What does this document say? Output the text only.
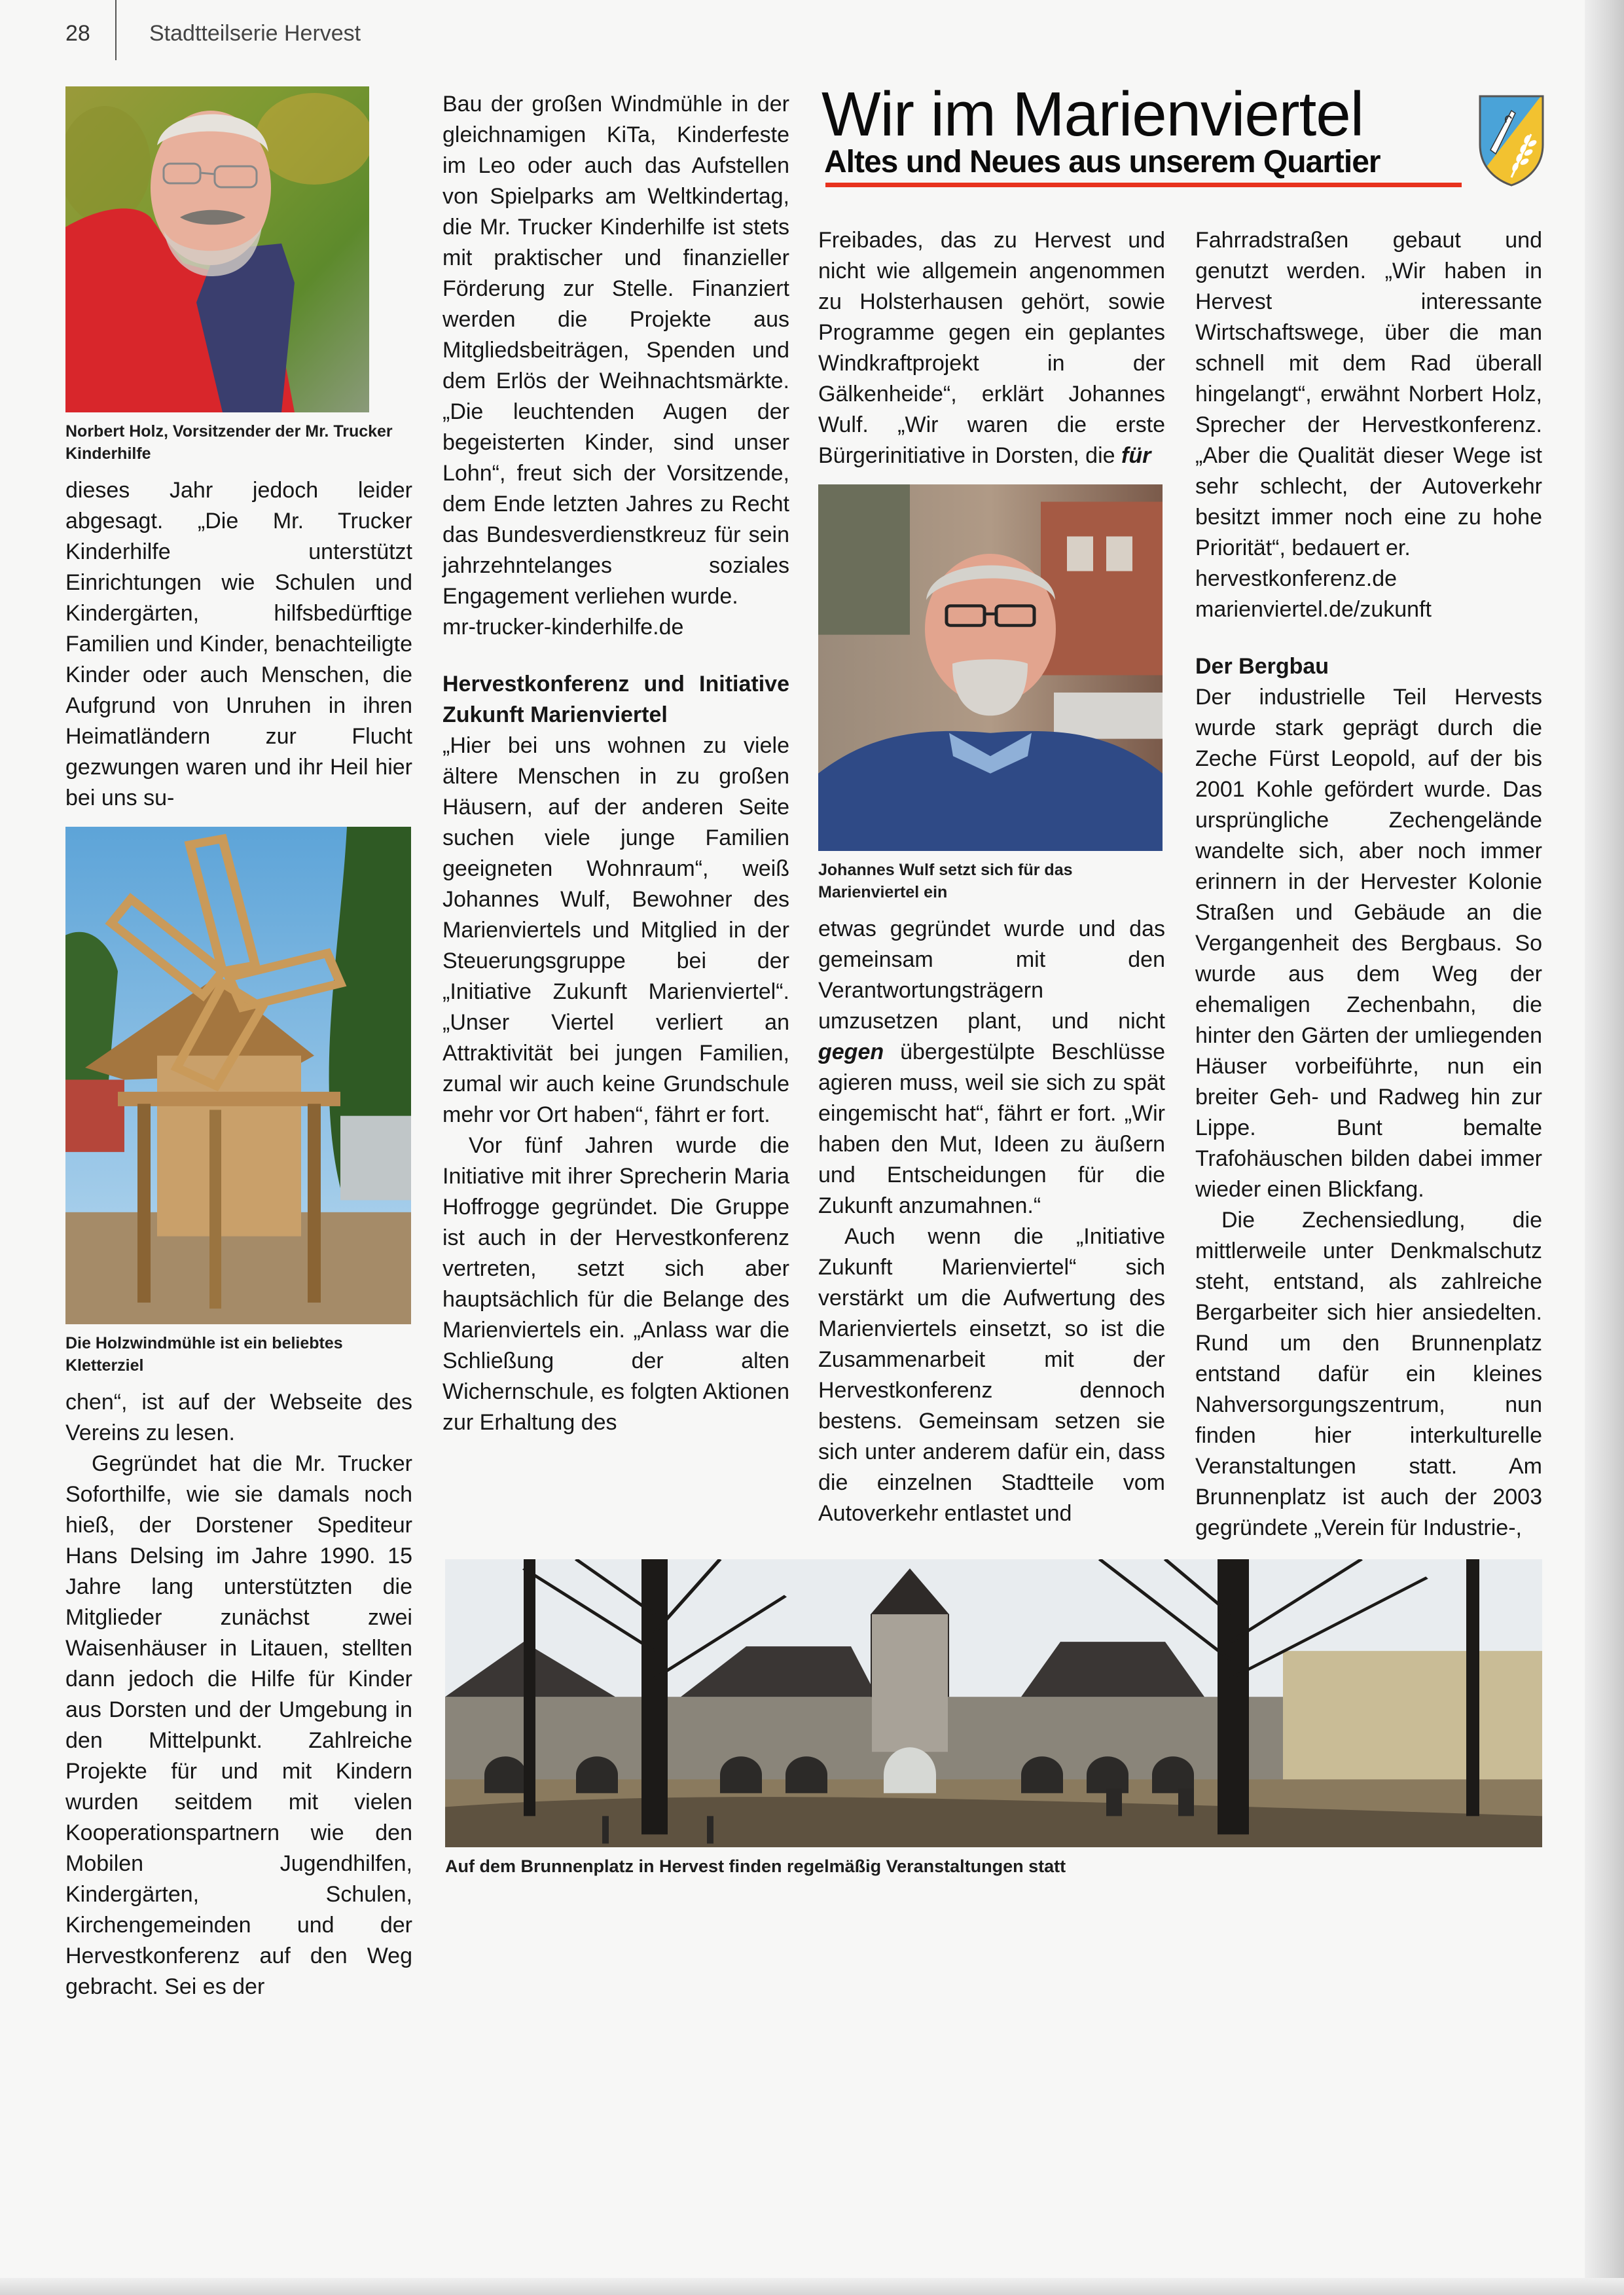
28	Stadtteilserie Hervest
Wir im Marienviertel
Altes und Neues aus unserem Quartier
Norbert Holz, Vorsitzender der Mr. Trucker Kinderhilfe

dieses Jahr jedoch leider abgesagt. „Die Mr. Trucker Kinderhilfe unterstützt Einrichtungen wie Schulen und Kindergärten, hilfsbedürftige Familien und Kinder, benachteiligte Kinder oder auch Menschen, die Aufgrund von Unruhen in ihren Heimatländern zur Flucht gezwungen waren und ihr Heil hier bei uns su-

Die Holzwindmühle ist ein beliebtes Kletterziel

chen“, ist auf der Webseite des Vereins zu lesen.

Gegründet hat die Mr. Trucker Soforthilfe, wie sie damals noch hieß, der Dorstener Spediteur Hans Delsing im Jahre 1990. 15 Jahre lang unterstützten die Mitglieder zunächst zwei Waisenhäuser in Litauen, stellten dann jedoch die Hilfe für Kinder aus Dorsten und der Umgebung in den Mittelpunkt. Zahlreiche Projekte für und mit Kindern wurden seitdem mit vielen Kooperationspartnern wie den Mobilen Jugendhilfen, Kindergärten, Schulen, Kirchengemeinden und der Hervestkonferenz auf den Weg gebracht. Sei es der

Bau der großen Windmühle in der gleichnamigen KiTa, Kinderfeste im Leo oder auch das Aufstellen von Spielparks am Weltkindertag, die Mr. Trucker Kinderhilfe ist stets mit praktischer und finanzieller Förderung zur Stelle. Finanziert werden die Projekte aus Mitgliedsbeiträgen, Spenden und dem Erlös der Weihnachtsmärkte. „Die leuchtenden Augen der begeisterten Kinder, sind unser Lohn“, freut sich der Vorsitzende, dem Ende letzten Jahres zu Recht das Bundesverdienstkreuz für sein jahrzehntelanges soziales Engagement verliehen wurde.

mr-trucker-kinderhilfe.de

Hervestkonferenz und Initiative Zukunft Marienviertel

„Hier bei uns wohnen zu viele ältere Menschen in zu großen Häusern, auf der anderen Seite suchen viele junge Familien geeigneten Wohnraum“, weiß Johannes Wulf, Bewohner des Marienviertels und Mitglied in der Steuerungsgruppe bei der „Initiative Zukunft Marienviertel“. „Unser Viertel verliert an Attraktivität bei jungen Familien, zumal wir auch keine Grundschule mehr vor Ort haben“, fährt er fort.

Vor fünf Jahren wurde die Initiative mit ihrer Sprecherin Maria Hoffrogge gegründet. Die Gruppe ist auch in der Hervestkonferenz vertreten, setzt sich aber hauptsächlich für die Belange des Marienviertels ein. „Anlass war die Schließung der alten Wichernschule, es folgten Aktionen zur Erhaltung des

Freibades, das zu Hervest und nicht wie allgemein angenommen zu Holsterhausen gehört, sowie Programme gegen ein geplantes Windkraftprojekt in der Gälkenheide“, erklärt Johannes Wulf. „Wir waren die erste Bürgerinitiative in Dorsten, die für

Johannes Wulf setzt sich für das Marienviertel ein

etwas gegründet wurde und das gemeinsam mit den Verantwortungsträgern umzusetzen plant, und nicht gegen übergestülpte Beschlüsse agieren muss, weil sie sich zu spät eingemischt hat“, fährt er fort. „Wir haben den Mut, Ideen zu äußern und Entscheidungen für die Zukunft anzumahnen.“

Auch wenn die „Initiative Zukunft Marienviertel“ sich verstärkt um die Aufwertung des Marienviertels einsetzt, so ist die Zusammenarbeit mit der Hervestkonferenz dennoch bestens. Gemeinsam setzen sie sich unter anderem dafür ein, dass die einzelnen Stadtteile vom Autoverkehr entlastet und

Fahrradstraßen gebaut und genutzt werden. „Wir haben in Hervest interessante Wirtschaftswege, über die man schnell mit dem Rad überall hingelangt“, erwähnt Norbert Holz, Sprecher der Hervestkonferenz. „Aber die Qualität dieser Wege ist sehr schlecht, der Autoverkehr besitzt immer noch eine zu hohe Priorität“, bedauert er.

hervestkonferenz.de

marienviertel.de/zukunft

Der Bergbau

Der industrielle Teil Hervests wurde stark geprägt durch die Zeche Fürst Leopold, auf der bis 2001 Kohle gefördert wurde. Das ursprüngliche Zechengelände wandelte sich, aber noch immer erinnern in der Hervester Kolonie Straßen und Gebäude an die Vergangenheit des Bergbaus. So wurde aus dem Weg der ehemaligen Zechenbahn, die hinter den Gärten der umliegenden Häuser vorbeiführte, nun ein breiter Geh- und Radweg hin zur Lippe. Bunt bemalte Trafohäuschen bilden dabei immer wieder einen Blickfang.

Die Zechensiedlung, die mittlerweile unter Denkmalschutz steht, entstand, als zahlreiche Bergarbeiter sich hier ansiedelten. Rund um den Brunnenplatz entstand dafür ein kleines Nahversorgungszentrum, nun finden hier interkulturelle Veranstaltungen statt. Am Brunnenplatz ist auch der 2003 gegründete „Verein für Industrie-,

Auf dem Brunnenplatz in Hervest finden regelmäßig Veranstaltungen statt
